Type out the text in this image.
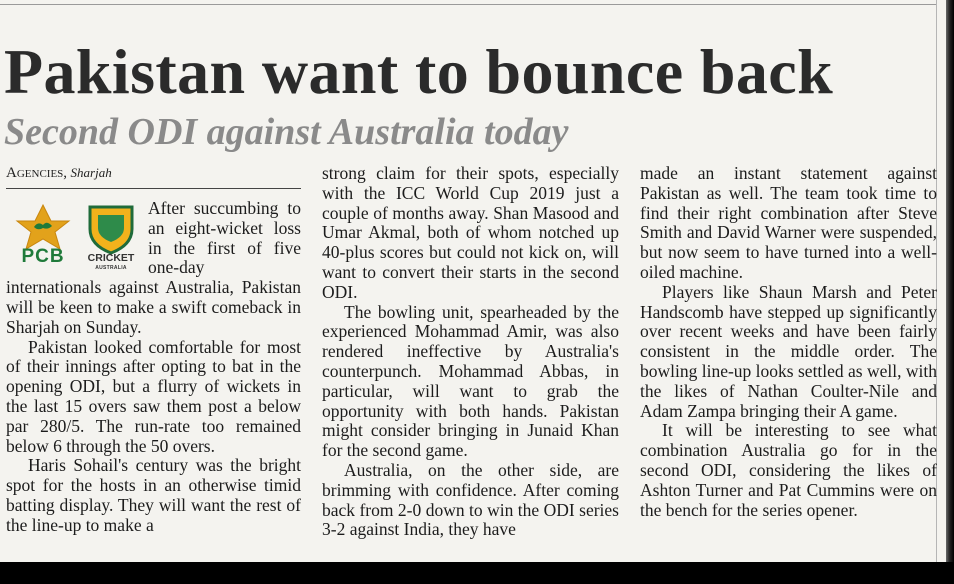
Pakistan want to bounce back
Second ODI against Australia today
Agencies, Sharjah
PCB	CRICKET
AUSTRALIA

After succumbing to an eight-wicket loss in the first of five one-day internationals against Australia, Pakistan will be keen to make a swift comeback in Sharjah on Sunday.

Pakistan looked comfortable for most of their innings after opting to bat in the opening ODI, but a flurry of wickets in the last 15 overs saw them post a below par 280/5. The run-rate too remained below 6 through the 50 overs.

Haris Sohail's century was the bright spot for the hosts in an otherwise timid batting display. They will want the rest of the line-up to make a

strong claim for their spots, especially with the ICC World Cup 2019 just a couple of months away. Shan Masood and Umar Akmal, both of whom notched up 40-plus scores but could not kick on, will want to convert their starts in the second ODI.

The bowling unit, spearheaded by the experienced Mohammad Amir, was also rendered ineffective by Australia's counterpunch. Mohammad Abbas, in particular, will want to grab the opportunity with both hands. Pakistan might consider bringing in Junaid Khan for the second game.

Australia, on the other side, are brimming with confidence. After coming back from 2-0 down to win the ODI series 3-2 against India, they have

made an instant statement against Pakistan as well. The team took time to find their right combination after Steve Smith and David Warner were suspended, but now seem to have turned into a well-oiled machine.

Players like Shaun Marsh and Peter Handscomb have stepped up significantly over recent weeks and have been fairly consistent in the middle order. The bowling line-up looks settled as well, with the likes of Nathan Coulter-Nile and Adam Zampa bringing their A game.

It will be interesting to see what combination Australia go for in the second ODI, considering the likes of Ashton Turner and Pat Cummins were on the bench for the series opener.
